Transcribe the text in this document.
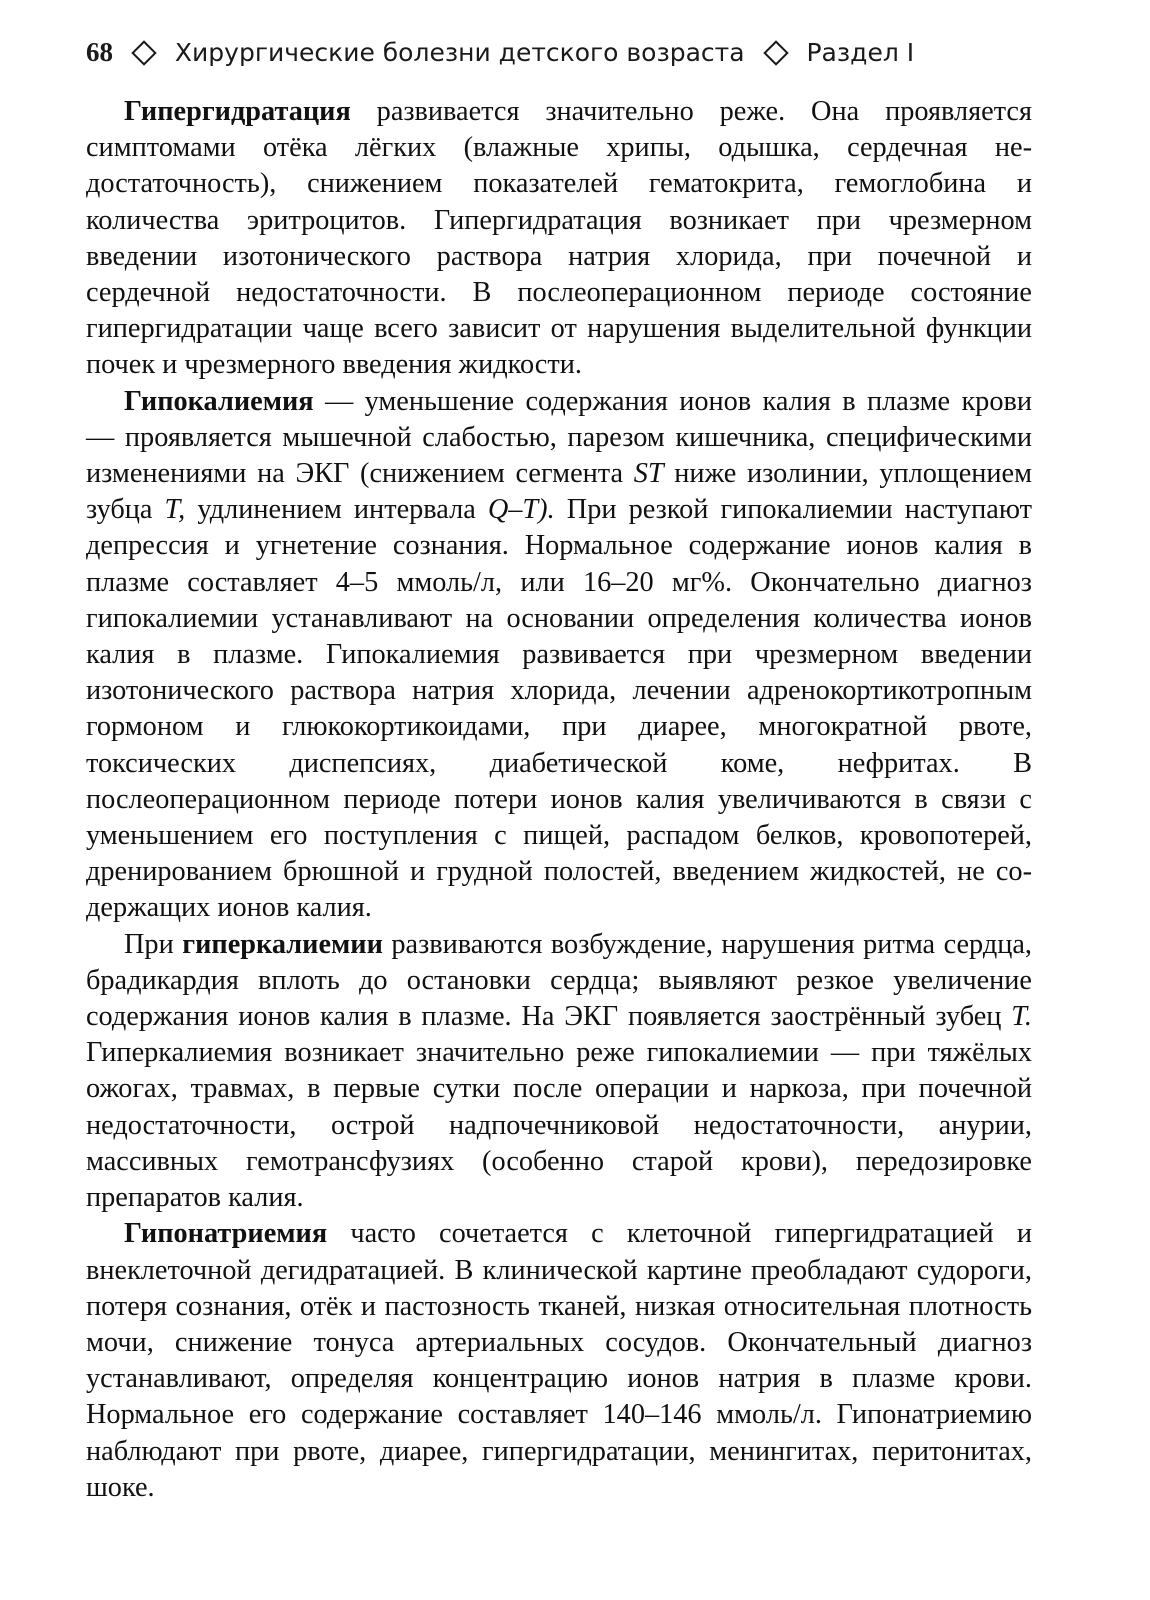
68 Хирургические болезни детского возраста Раздел I

Гипергидратация развивается значительно реже. Она проявляется симптомами отёка лёгких (влажные хрипы, одышка, сердечная недостаточность), снижением показателей гематокрита, гемоглобина и количества эритроцитов. Гипергидратация возникает при чрезмерном введении изотонического раствора натрия хлорида, при почечной и сердечной недостаточности. В послеоперационном периоде состояние гипергидратации чаще всего зависит от нарушения выделительной функции почек и чрезмерного введения жидкости.

Гипокалиемия — уменьшение содержания ионов калия в плазме крови — проявляется мышечной слабостью, парезом кишечника, специфическими изменениями на ЭКГ (снижением сегмента ST ниже изолинии, уплощением зубца T, удлинением интервала Q–T). При резкой гипокалиемии наступают депрессия и угнетение сознания. Нормальное содержание ионов калия в плазме составляет 4–5 ммоль/л, или 16–20 мг%. Окончательно диагноз гипокалиемии устанавливают на основании определения количества ионов калия в плазме. Гипокалиемия развивается при чрезмерном введении изотонического раствора натрия хлорида, лечении адренокортикотропным гормоном и глюкокортикоидами, при диарее, многократной рвоте, токсических диспепсиях, диабетической коме, нефритах. В послеоперационном периоде потери ионов калия увеличиваются в связи с уменьшением его поступления с пищей, распадом белков, кровопотерей, дренированием брюшной и грудной полостей, введением жидкостей, не содержащих ионов калия.

При гиперкалиемии развиваются возбуждение, нарушения ритма сердца, брадикардия вплоть до остановки сердца; выявляют резкое увеличение содержания ионов калия в плазме. На ЭКГ появляется заострённый зубец T. Гиперкалиемия возникает значительно реже гипокалиемии — при тяжёлых ожогах, травмах, в первые сутки после операции и наркоза, при почечной недостаточности, острой надпочечниковой недостаточности, анурии, массивных гемотрансфузиях (особенно старой крови), передозировке препаратов калия.

Гипонатриемия часто сочетается с клеточной гипергидратацией и внеклеточной дегидратацией. В клинической картине преобладают судороги, потеря сознания, отёк и пастозность тканей, низкая относительная плотность мочи, снижение тонуса артериальных сосудов. Окончательный диагноз устанавливают, определяя концентрацию ионов натрия в плазме крови. Нормальное его содержание составляет 140–146 ммоль/л. Гипонатриемию наблюдают при рвоте, диарее, гипергидратации, менингитах, перитонитах, шоке.
